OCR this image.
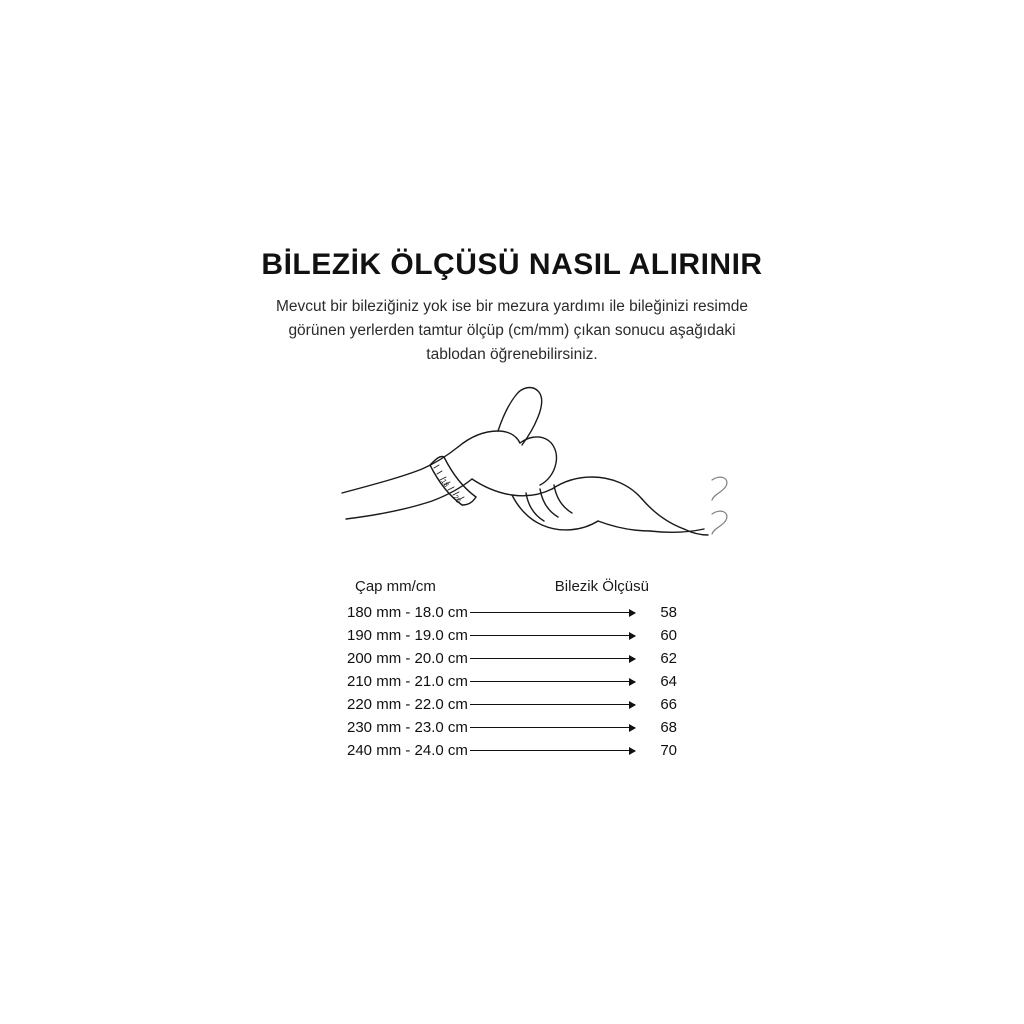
BİLEZİK ÖLÇÜSÜ NASIL ALIRINIR

Mevcut bir bileziğiniz yok ise bir mezura yardımı ile bileğinizi resimde görünen yerlerden tamtur ölçüp (cm/mm) çıkan sonucu aşağıdaki tablodan öğrenebilirsiniz.

18
20
Çap mm/cm	Bilezik Ölçüsü
180 mm - 18.0 cm	58
190 mm - 19.0 cm	60
200 mm - 20.0 cm	62
210 mm - 21.0 cm	64
220 mm - 22.0 cm	66
230 mm - 23.0 cm	68
240 mm - 24.0 cm	70
